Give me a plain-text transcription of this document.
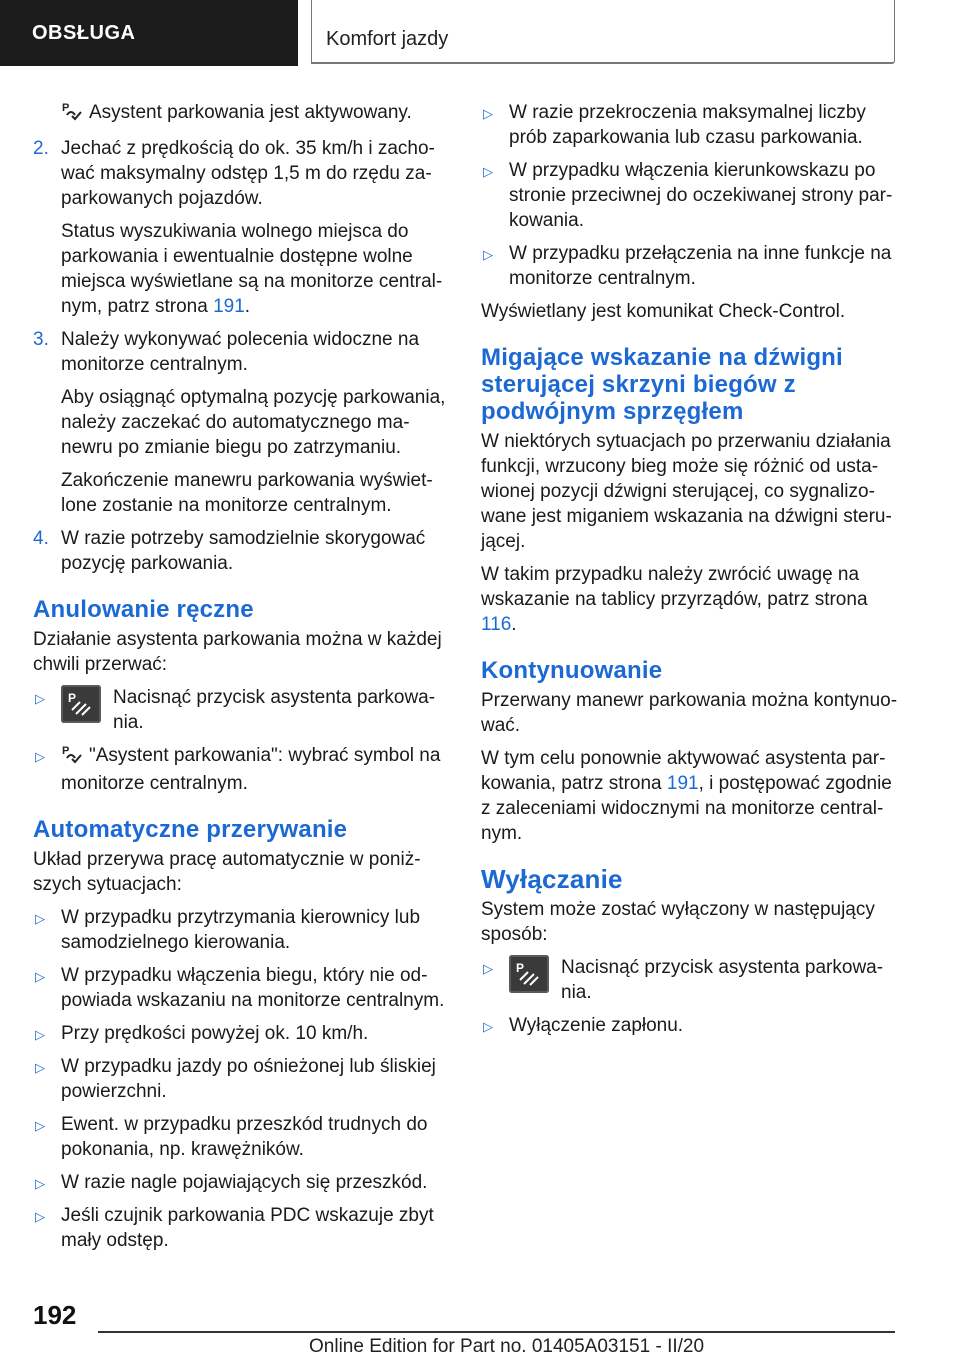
OBSŁUGA	Komfort jazdy
P Asystent parkowania jest aktywowany.
2. Jechać z prędkością do ok. 35 km/h i zachować maksymalny odstęp 1,5 m do rzędu zaparkowanych pojazdów.
Status wyszukiwania wolnego miejsca do parkowania i ewentualnie dostępne wolne miejsca wyświetlane są na monitorze centralnym, patrz strona 191.
3. Należy wykonywać polecenia widoczne na monitorze centralnym.
Aby osiągnąć optymalną pozycję parkowania, należy zaczekać do automatycznego manewru po zmianie biegu po zatrzymaniu.
Zakończenie manewru parkowania wyświetlone zostanie na monitorze centralnym.
4. W razie potrzeby samodzielnie skorygować pozycję parkowania.
Anulowanie ręczne
Działanie asystenta parkowania można w każdej chwili przerwać:
▷	P	Nacisnąć przycisk asystenta parkowania.
▷	P "Asystent parkowania": wybrać symbol na monitorze centralnym.
Automatyczne przerywanie
Układ przerywa pracę automatycznie w poniższych sytuacjach:
▷ W przypadku przytrzymania kierownicy lub samodzielnego kierowania.
▷ W przypadku włączenia biegu, który nie odpowiada wskazaniu na monitorze centralnym.
▷ Przy prędkości powyżej ok. 10 km/h.
▷ W przypadku jazdy po ośnieżonej lub śliskiej powierzchni.
▷ Ewent. w przypadku przeszkód trudnych do pokonania, np. krawężników.
▷ W razie nagle pojawiających się przeszkód.
▷ Jeśli czujnik parkowania PDC wskazuje zbyt mały odstęp.
▷ W razie przekroczenia maksymalnej liczby prób zaparkowania lub czasu parkowania.
▷ W przypadku włączenia kierunkowskazu po stronie przeciwnej do oczekiwanej strony parkowania.
▷ W przypadku przełączenia na inne funkcje na monitorze centralnym.
Wyświetlany jest komunikat Check-Control.
Migające wskazanie na dźwigni sterującej skrzyni biegów z podwójnym sprzęgłem
W niektórych sytuacjach po przerwaniu działania funkcji, wrzucony bieg może się różnić od ustawionej pozycji dźwigni sterującej, co sygnalizowane jest miganiem wskazania na dźwigni sterującej.
W takim przypadku należy zwrócić uwagę na wskazanie na tablicy przyrządów, patrz strona 116.
Kontynuowanie
Przerwany manewr parkowania można kontynuować.
W tym celu ponownie aktywować asystenta parkowania, patrz strona 191, i postępować zgodnie z zaleceniami widocznymi na monitorze centralnym.
Wyłączanie
System może zostać wyłączony w następujący sposób:
▷	P	Nacisnąć przycisk asystenta parkowania.
▷ Wyłączenie zapłonu.
192
Online Edition for Part no. 01405A03151 - II/20
